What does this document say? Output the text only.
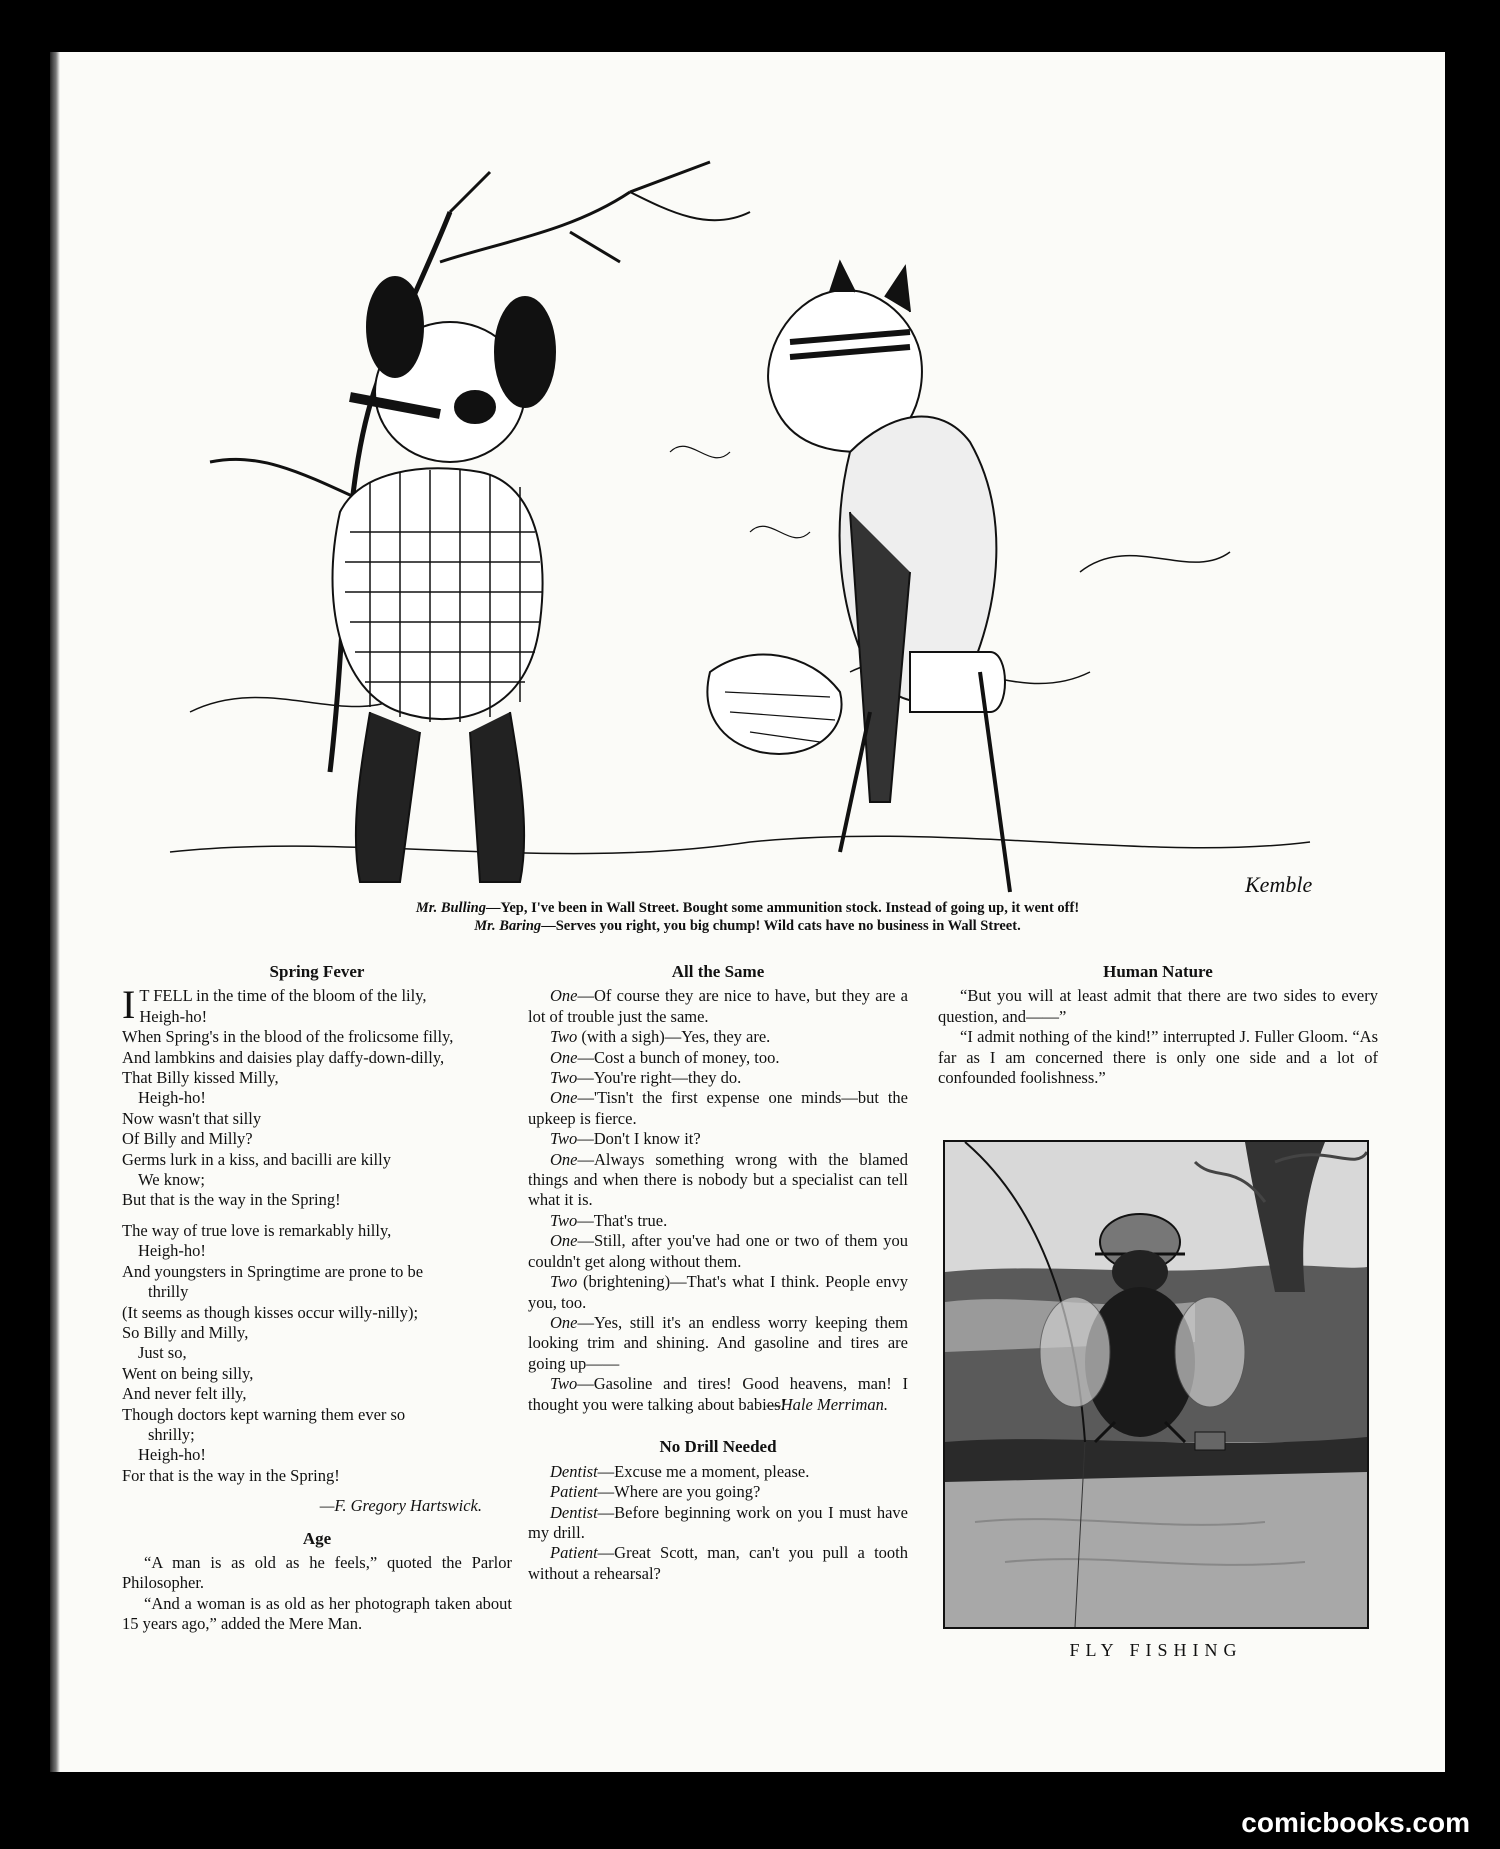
Kemble
Mr. Bulling—Yep, I've been in Wall Street. Bought some ammunition stock. Instead of going up, it went off!
Mr. Baring—Serves you right, you big chump! Wild cats have no business in Wall Street.
Spring Fever
I T FELL in the time of the bloom of the lily,

Heigh-ho!

When Spring's in the blood of the frolicsome filly,

And lambkins and daisies play daffy-down-dilly,

That Billy kissed Milly,

Heigh-ho!

Now wasn't that silly

Of Billy and Milly?

Germs lurk in a kiss, and bacilli are killy

We know;

But that is the way in the Spring!

The way of true love is remarkably hilly,

Heigh-ho!

And youngsters in Springtime are prone to be

thrilly

(It seems as though kisses occur willy-nilly);

So Billy and Milly,

Just so,

Went on being silly,

And never felt illy,

Though doctors kept warning them ever so

shrilly;

Heigh-ho!

For that is the way in the Spring!

—F. Gregory Hartswick.
Age

“A man is as old as he feels,” quoted the Parlor Philosopher.

“And a woman is as old as her photograph taken about 15 years ago,” added the Mere Man.

All the Same

One—Of course they are nice to have, but they are a lot of trouble just the same.

Two (with a sigh)—Yes, they are.

One—Cost a bunch of money, too.

Two—You're right—they do.

One—'Tisn't the first expense one minds—but the upkeep is fierce.

Two—Don't I know it?

One—Always something wrong with the blamed things and when there is nobody but a specialist can tell what it is.

Two—That's true.

One—Still, after you've had one or two of them you couldn't get along without them.

Two (brightening)—That's what I think. People envy you, too.

One—Yes, still it's an endless worry keeping them looking trim and shining. And gasoline and tires are going up——

Two—Gasoline and tires! Good heavens, man! I thought you were talking about babies!

—Hale Merriman.
No Drill Needed

Dentist—Excuse me a moment, please.

Patient—Where are you going?

Dentist—Before beginning work on you I must have my drill.

Patient—Great Scott, man, can't you pull a tooth without a rehearsal?

Human Nature

“But you will at least admit that there are two sides to every question, and——”

“I admit nothing of the kind!” interrupted J. Fuller Gloom. “As far as I am concerned there is only one side and a lot of confounded foolishness.”

FLY FISHING
comicbooks.com
